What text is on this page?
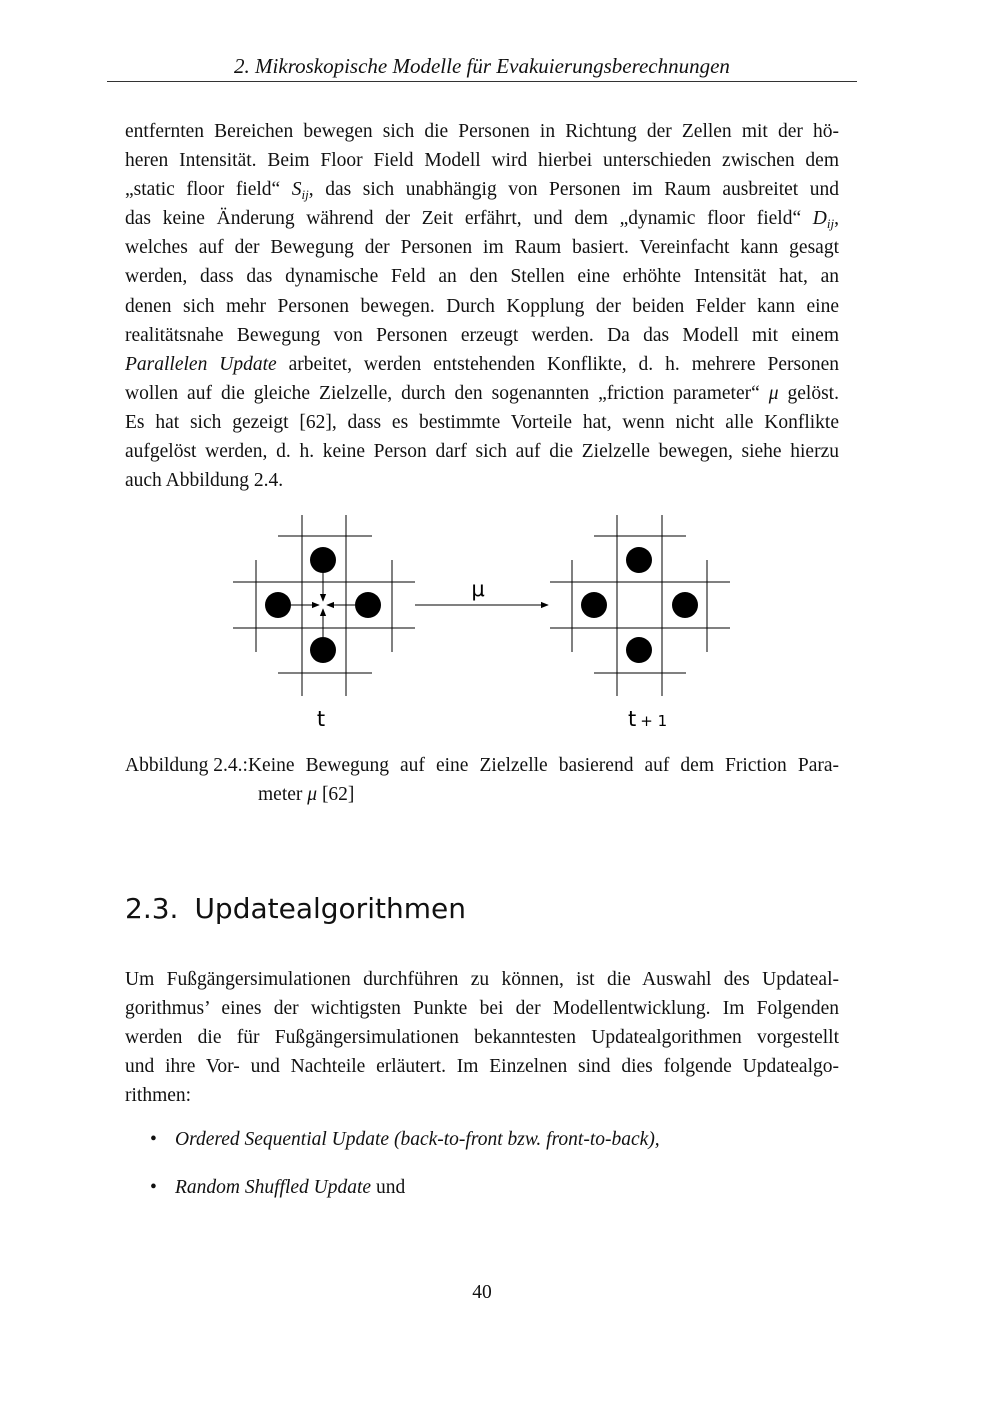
2. Mikroskopische Modelle für Evakuierungsberechnungen

entfernten Bereichen bewegen sich die Personen in Richtung der Zellen mit der hö-
heren Intensität. Beim Floor Field Modell wird hierbei unterschieden zwischen dem
„static floor field“ $S_{ij}$, das sich unabhängig von Personen im Raum ausbreitet und
das keine Änderung während der Zeit erfährt, und dem „dynamic floor field“ $D_{ij}$,
welches auf der Bewegung der Personen im Raum basiert. Vereinfacht kann gesagt
werden, dass das dynamische Feld an den Stellen eine erhöhte Intensität hat, an
denen sich mehr Personen bewegen. Durch Kopplung der beiden Felder kann eine
realitätsnahe Bewegung von Personen erzeugt werden. Da das Modell mit einem
Parallelen Update arbeitet, werden entstehenden Konflikte, d. h. mehrere Personen
wollen auf die gleiche Zielzelle, durch den sogenannten „friction parameter“ μ gelöst.
Es hat sich gezeigt [62], dass es bestimmte Vorteile hat, wenn nicht alle Konflikte
aufgelöst werden, d. h. keine Person darf sich auf die Zielzelle bewegen, siehe hierzu
auch Abbildung 2.4.

μ
t	t + 1
Abbildung 2.4.: Keine Bewegung auf eine Zielzelle basierend auf dem Friction Para-
meter μ [62]
2.3. Updatealgorithmen

Um Fußgängersimulationen durchführen zu können, ist die Auswahl des Updateal-
gorithmus’ eines der wichtigsten Punkte bei der Modellentwicklung. Im Folgenden
werden die für Fußgängersimulationen bekanntesten Updatealgorithmen vorgestellt
und ihre Vor- und Nachteile erläutert. Im Einzelnen sind dies folgende Updatealgo-
rithmen:

• Ordered Sequential Update (back-to-front bzw. front-to-back),
• Random Shuffled Update und
40
